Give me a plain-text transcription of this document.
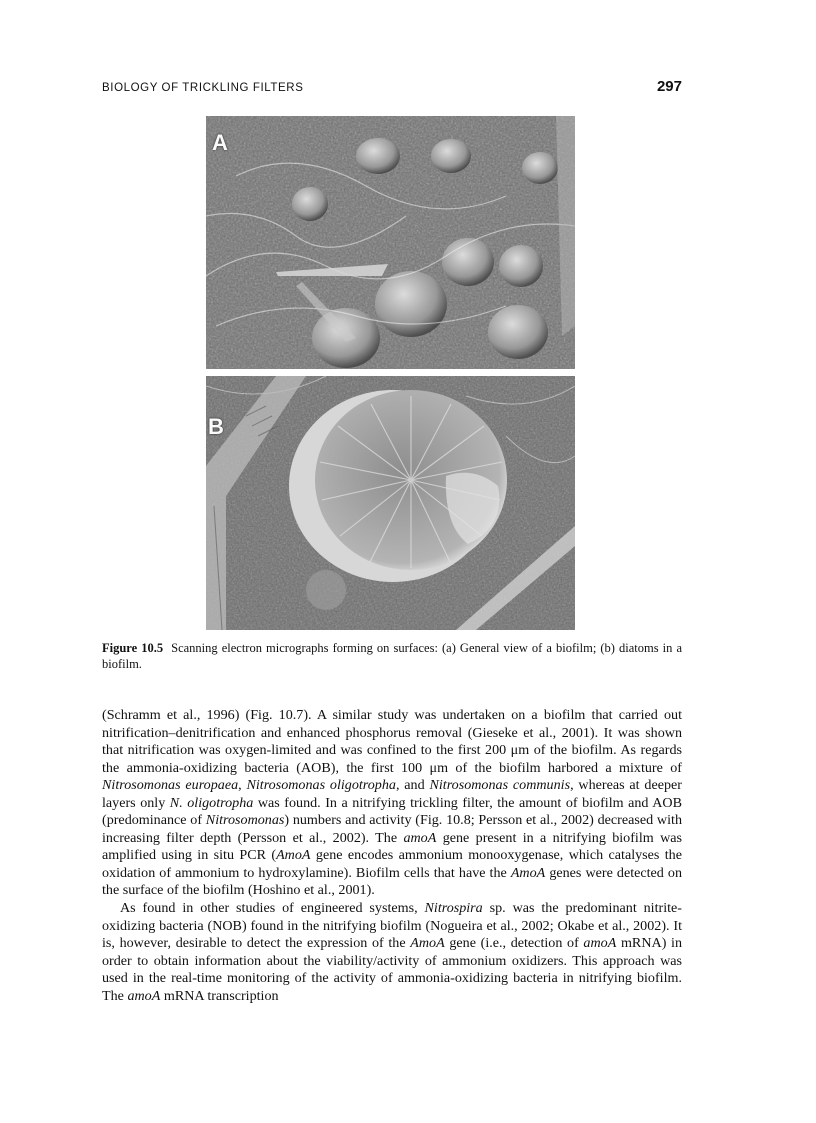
BIOLOGY OF TRICKLING FILTERS	297
A
B
Figure 10.5 Scanning electron micrographs forming on surfaces: (a) General view of a biofilm; (b) diatoms in a biofilm.

(Schramm et al., 1996) (Fig. 10.7). A similar study was undertaken on a biofilm that carried out nitrification–denitrification and enhanced phosphorus removal (Gieseke et al., 2001). It was shown that nitrification was oxygen-limited and was confined to the first 200 μm of the biofilm. As regards the ammonia-oxidizing bacteria (AOB), the first 100 μm of the biofilm harbored a mixture of Nitrosomonas europaea, Nitrosomonas oligotropha, and Nitrosomonas communis, whereas at deeper layers only N. oligotropha was found. In a nitrifying trickling filter, the amount of biofilm and AOB (predominance of Nitrosomonas) numbers and activity (Fig. 10.8; Persson et al., 2002) decreased with increasing filter depth (Persson et al., 2002). The amoA gene present in a nitrifying biofilm was amplified using in situ PCR (AmoA gene encodes ammonium monooxygenase, which catalyses the oxidation of ammonium to hydroxylamine). Biofilm cells that have the AmoA genes were detected on the surface of the biofilm (Hoshino et al., 2001).

As found in other studies of engineered systems, Nitrospira sp. was the predominant nitrite-oxidizing bacteria (NOB) found in the nitrifying biofilm (Nogueira et al., 2002; Okabe et al., 2002). It is, however, desirable to detect the expression of the AmoA gene (i.e., detection of amoA mRNA) in order to obtain information about the viability/activity of ammonium oxidizers. This approach was used in the real-time monitoring of the activity of ammonia-oxidizing bacteria in nitrifying biofilm. The amoA mRNA transcription
